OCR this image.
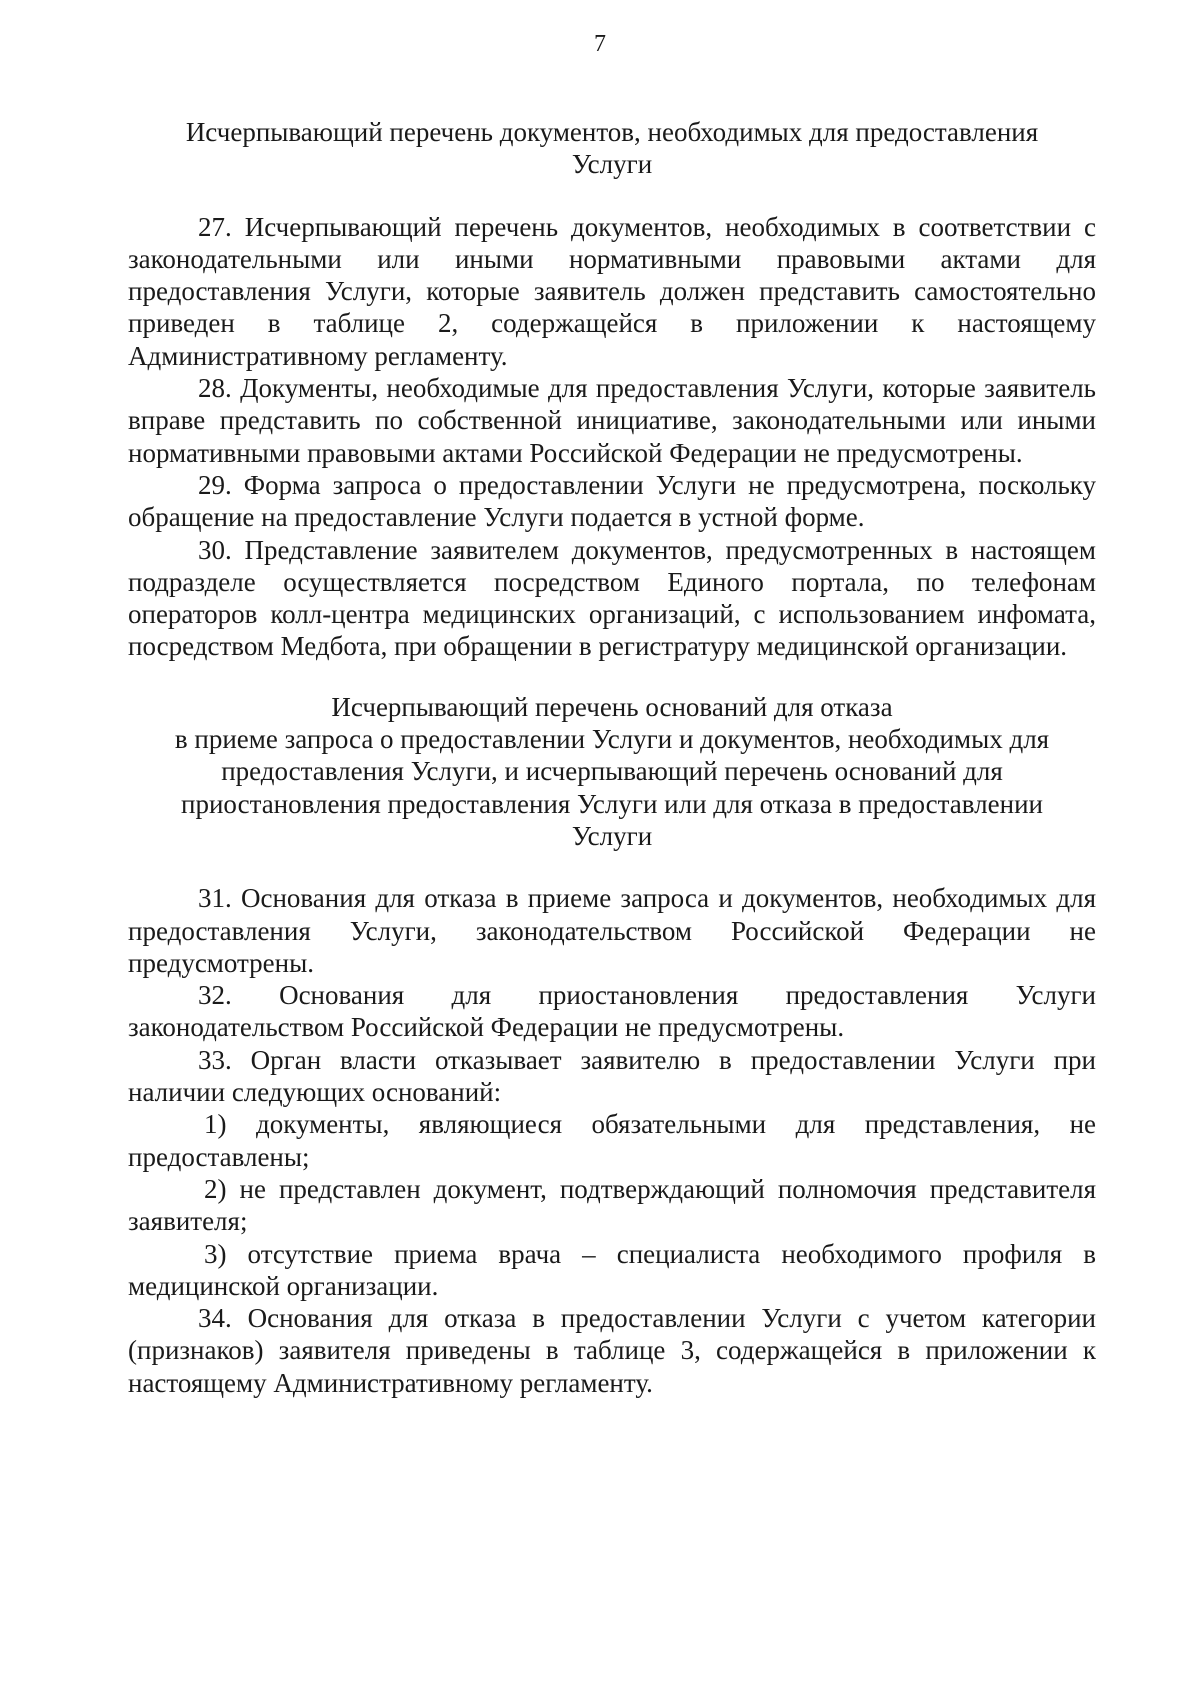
7
Исчерпывающий перечень документов, необходимых для предоставления
Услуги

27. Исчерпывающий перечень документов, необходимых в соответствии с законодательными или иными нормативными правовыми актами для предоставления Услуги, которые заявитель должен представить самостоятельно приведен в таблице 2, содержащейся в приложении к настоящему Административному регламенту.

28. Документы, необходимые для предоставления Услуги, которые заявитель вправе представить по собственной инициативе, законодательными или иными нормативными правовыми актами Российской Федерации не предусмотрены.

29. Форма запроса о предоставлении Услуги не предусмотрена, поскольку обращение на предоставление Услуги подается в устной форме.

30. Представление заявителем документов, предусмотренных в настоящем подразделе осуществляется посредством Единого портала, по телефонам операторов колл-центра медицинских организаций, с использованием инфомата, посредством Медбота, при обращении в регистратуру медицинской организации.

Исчерпывающий перечень оснований для отказа
в приеме запроса о предоставлении Услуги и документов, необходимых для
предоставления Услуги, и исчерпывающий перечень оснований для
приостановления предоставления Услуги или для отказа в предоставлении
Услуги

31. Основания для отказа в приеме запроса и документов, необходимых для предоставления Услуги, законодательством Российской Федерации не предусмотрены.

32. Основания для приостановления предоставления Услуги законодательством Российской Федерации не предусмотрены.

33. Орган власти отказывает заявителю в предоставлении Услуги при наличии следующих оснований:

1) документы, являющиеся обязательными для представления, не предоставлены;

2) не представлен документ, подтверждающий полномочия представителя заявителя;

3) отсутствие приема врача – специалиста необходимого профиля в медицинской организации.

34. Основания для отказа в предоставлении Услуги с учетом категории (признаков) заявителя приведены в таблице 3, содержащейся в приложении к настоящему Административному регламенту.
